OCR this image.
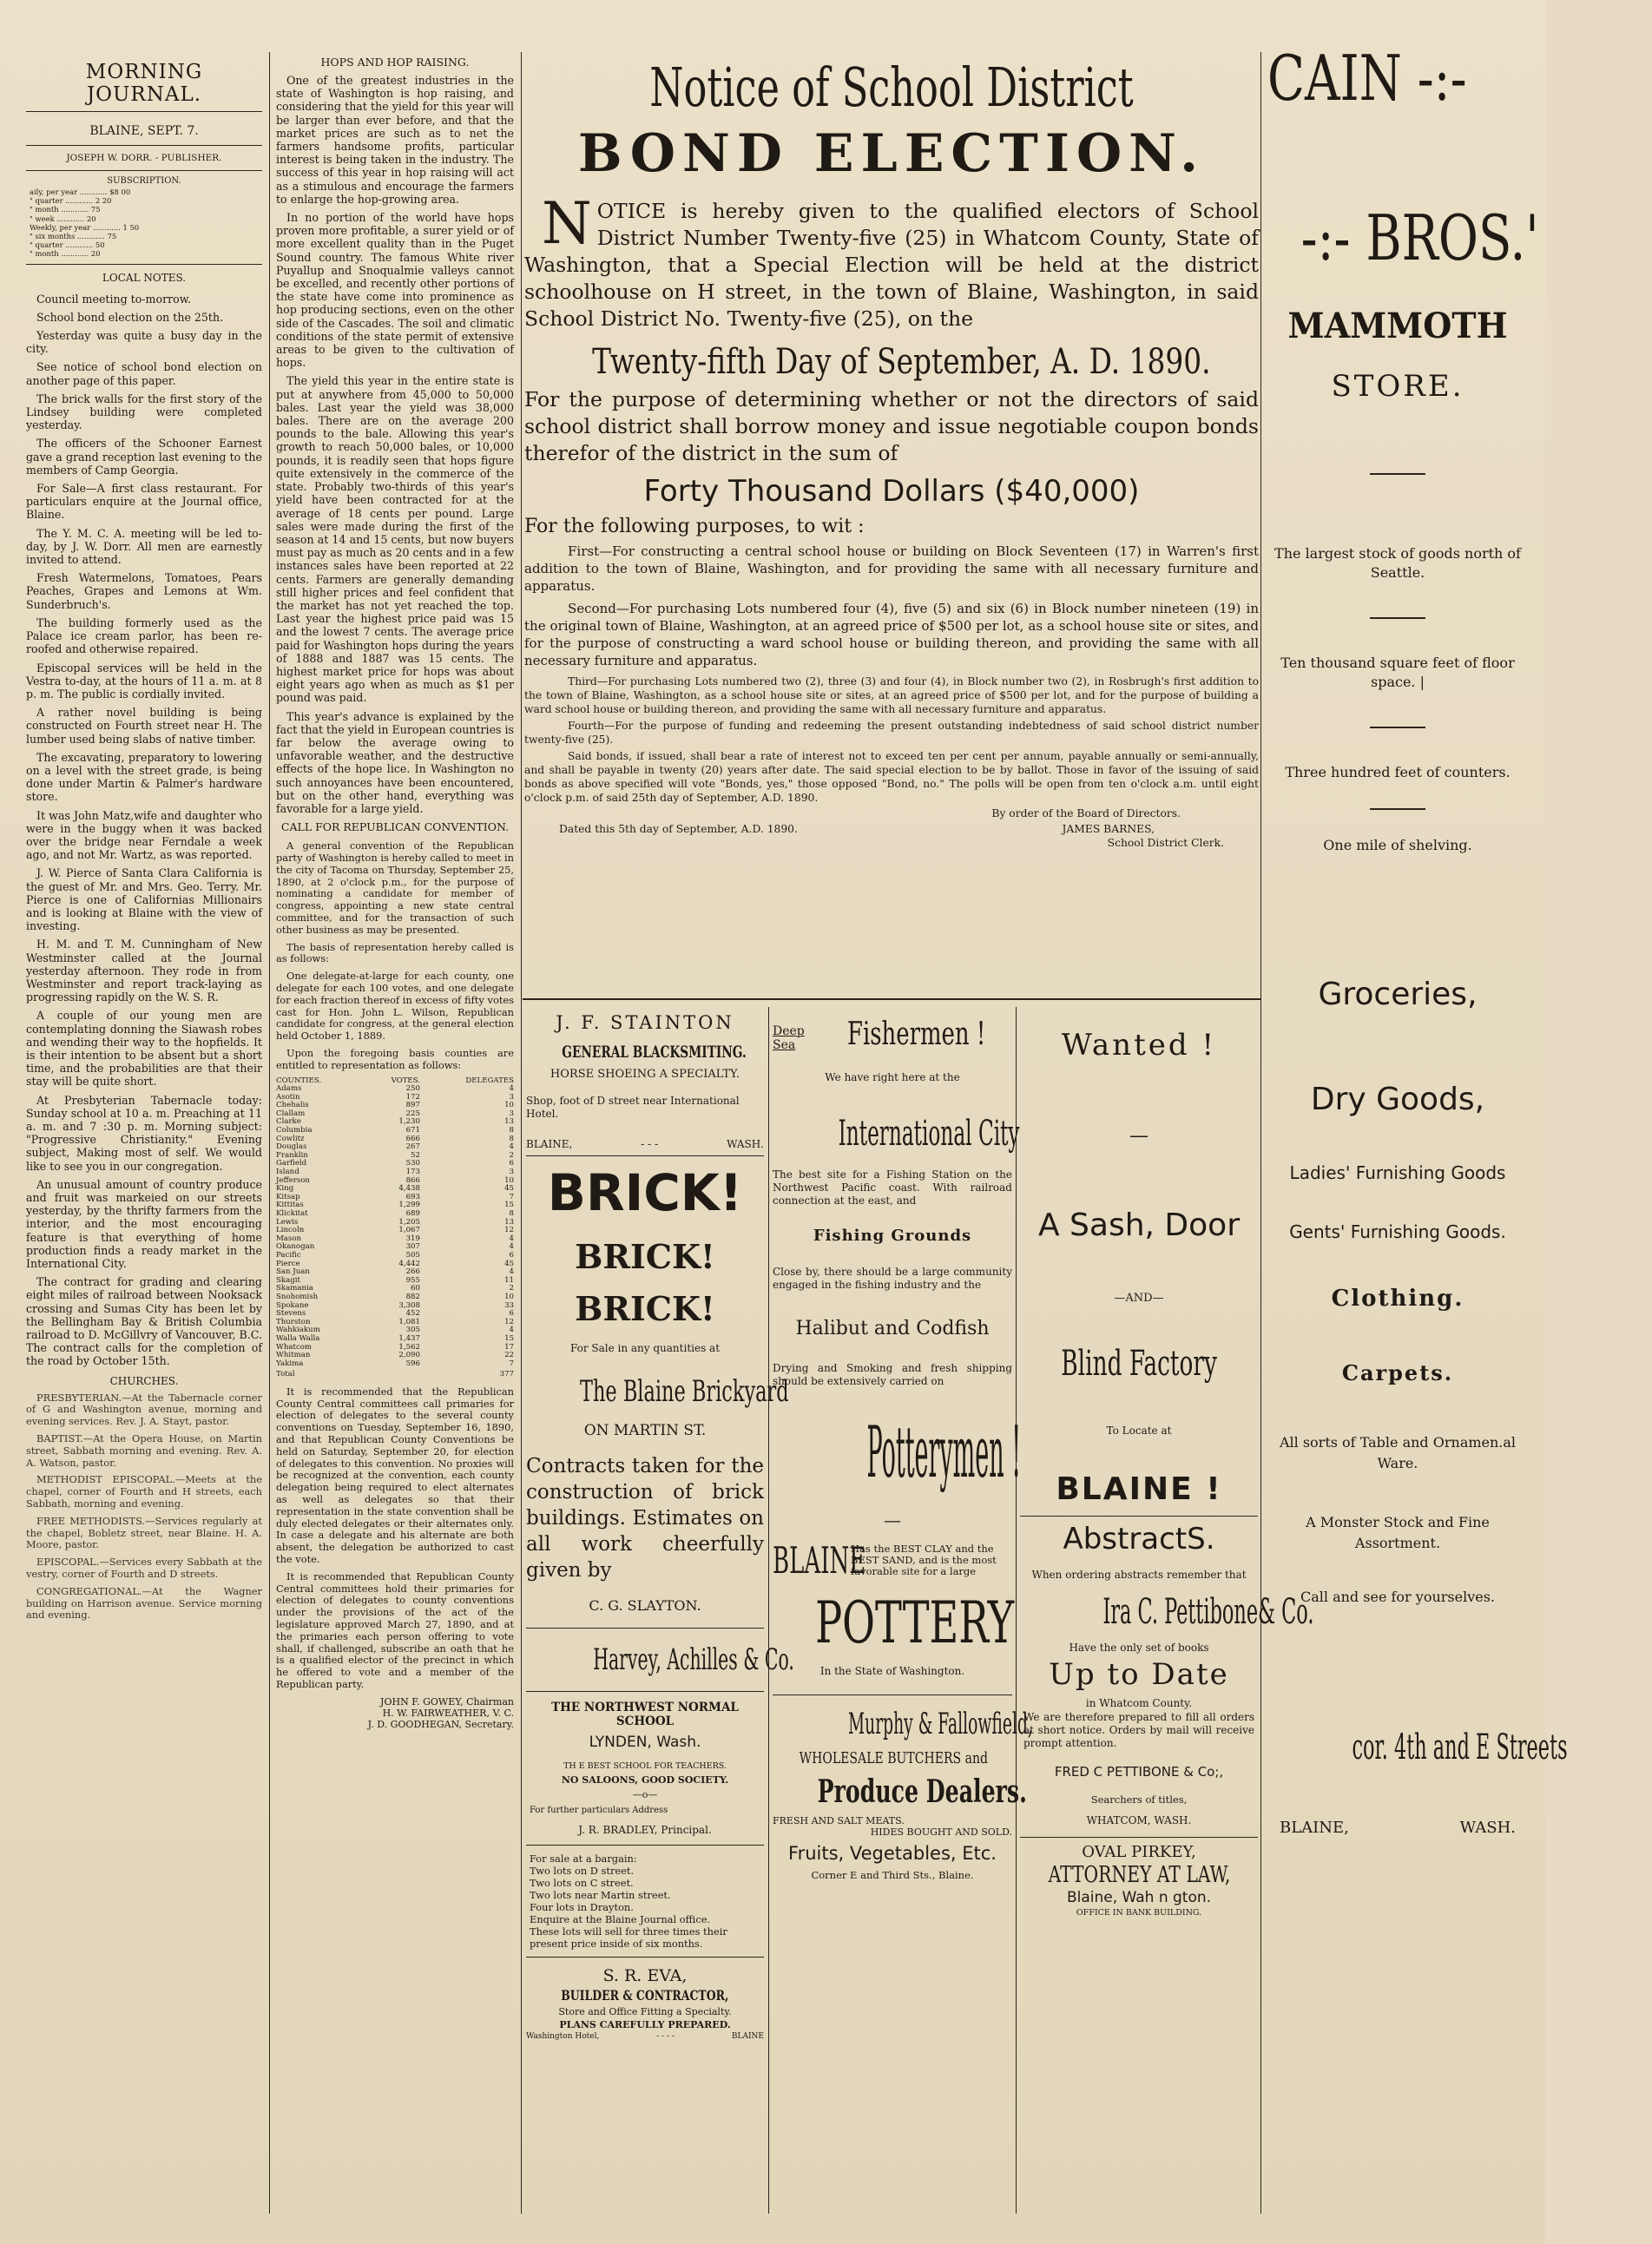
MORNING JOURNAL.
BLAINE, SEPT. 7.
JOSEPH W. DORR. - PUBLISHER.
SUBSCRIPTION.
aily, per year ............ $8 00
" quarter ............ 2 20
" month ............ 75
" week ............ 20
Weekly, per year ............ 1 50
" six months ............ 75
" quarter ............ 50
" month ............ 20
LOCAL NOTES.

Council meeting to-morrow.

School bond election on the 25th.

Yesterday was quite a busy day in the city.

See notice of school bond election on another page of this paper.

The brick walls for the first story of the Lindsey building were completed yesterday.

The officers of the Schooner Earnest gave a grand reception last evening to the members of Camp Georgia.

For Sale—A first class restaurant. For particulars enquire at the Journal office, Blaine.

The Y. M. C. A. meeting will be led to-day, by J. W. Dorr. All men are earnestly invited to attend.

Fresh Watermelons, Tomatoes, Pears Peaches, Grapes and Lemons at Wm. Sunderbruch's.

The building formerly used as the Palace ice cream parlor, has been re-roofed and otherwise repaired.

Episcopal services will be held in the Vestra to-day, at the hours of 11 a. m. at 8 p. m. The public is cordially invited.

A rather novel building is being constructed on Fourth street near H. The lumber used being slabs of native timber.

The excavating, preparatory to lowering on a level with the street grade, is being done under Martin & Palmer's hardware store.

It was John Matz,wife and daughter who were in the buggy when it was backed over the bridge near Ferndale a week ago, and not Mr. Wartz, as was reported.

J. W. Pierce of Santa Clara California is the guest of Mr. and Mrs. Geo. Terry. Mr. Pierce is one of Californias Millionairs and is looking at Blaine with the view of investing.

H. M. and T. M. Cunningham of New Westminster called at the Journal yesterday afternoon. They rode in from Westminster and report track-laying as progressing rapidly on the W. S. R.

A couple of our young men are contemplating donning the Siawash robes and wending their way to the hopfields. It is their intention to be absent but a short time, and the probabilities are that their stay will be quite short.

At Presbyterian Tabernacle today: Sunday school at 10 a. m. Preaching at 11 a. m. and 7 :30 p. m. Morning subject: "Progressive Christianity." Evening subject, Making most of self. We would like to see you in our congregation.

An unusual amount of country produce and fruit was markeied on our streets yesterday, by the thrifty farmers from the interior, and the most encouraging feature is that everything of home production finds a ready market in the International City.

The contract for grading and clearing eight miles of railroad between Nooksack crossing and Sumas City has been let by the Bellingham Bay & British Columbia railroad to D. McGillvry of Vancouver, B.C. The contract calls for the completion of the road by October 15th.

CHURCHES.

PRESBYTERIAN.—At the Tabernacle corner of G and Washington avenue, morning and evening services. Rev. J. A. Stayt, pastor.

BAPTIST.—At the Opera House, on Martin street, Sabbath morning and evening. Rev. A. A. Watson, pastor.

METHODIST EPISCOPAL.—Meets at the chapel, corner of Fourth and H streets, each Sabbath, morning and evening.

FREE METHODISTS.—Services regularly at the chapel, Bobletz street, near Blaine. H. A. Moore, pastor.

EPISCOPAL.—Services every Sabbath at the vestry, corner of Fourth and D streets.

CONGREGATIONAL.—At the Wagner building on Harrison avenue. Service morning and evening.

HOPS AND HOP RAISING.

One of the greatest industries in the state of Washington is hop raising, and considering that the yield for this year will be larger than ever before, and that the market prices are such as to net the farmers handsome profits, particular interest is being taken in the industry. The success of this year in hop raising will act as a stimulous and encourage the farmers to enlarge the hop-growing area.

In no portion of the world have hops proven more profitable, a surer yield or of more excellent quality than in the Puget Sound country. The famous White river Puyallup and Snoqualmie valleys cannot be excelled, and recently other portions of the state have come into prominence as hop producing sections, even on the other side of the Cascades. The soil and climatic conditions of the state permit of extensive areas to be given to the cultivation of hops.

The yield this year in the entire state is put at anywhere from 45,000 to 50,000 bales. Last year the yield was 38,000 bales. There are on the average 200 pounds to the bale. Allowing this year's growth to reach 50,000 bales, or 10,000 pounds, it is readily seen that hops figure quite extensively in the commerce of the state. Probably two-thirds of this year's yield have been contracted for at the average of 18 cents per pound. Large sales were made during the first of the season at 14 and 15 cents, but now buyers must pay as much as 20 cents and in a few instances sales have been reported at 22 cents. Farmers are generally demanding still higher prices and feel confident that the market has not yet reached the top. Last year the highest price paid was 15 and the lowest 7 cents. The average price paid for Washington hops during the years of 1888 and 1887 was 15 cents. The highest market price for hops was about eight years ago when as much as $1 per pound was paid.

This year's advance is explained by the fact that the yield in European countries is far below the average owing to unfavorable weather, and the destructive effects of the hope lice. In Washington no such annoyances have been encountered, but on the other hand, everything was favorable for a large yield.

CALL FOR REPUBLICAN CONVENTION.

A general convention of the Republican party of Washington is hereby called to meet in the city of Tacoma on Thursday, September 25, 1890, at 2 o'clock p.m., for the purpose of nominating a candidate for member of congress, appointing a new state central committee, and for the transaction of such other business as may be presented.

The basis of representation hereby called is as follows:

One delegate-at-large for each county, one delegate for each 100 votes, and one delegate for each fraction thereof in excess of fifty votes cast for Hon. John L. Wilson, Republican candidate for congress, at the general election held October 1, 1889.

Upon the foregoing basis counties are entitled to representation as follows:

COUNTIES.	VOTES.	DELEGATES
Adams	250	4
Asotin	172	3
Chehalis	897	10
Clallam	225	3
Clarke	1,230	13
Columbia	671	8
Cowlitz	666	8
Douglas	267	4
Franklin	52	2
Garfield	530	6
Island	173	3
Jefferson	866	10
King	4,438	45
Kitsap	693	7
Kittitas	1,299	15
Klickitat	689	8
Lewis	1,205	13
Lincoln	1,067	12
Mason	319	4
Okanogan	307	4
Pacific	505	6
Pierce	4,442	45
San Juan	266	4
Skagit	955	11
Skamania	60	2
Snohomish	882	10
Spokane	3,308	33
Stevens	452	6
Thurston	1,081	12
Wahkiakum	305	4
Walla Walla	1,437	15
Whatcom	1,562	17
Whitman	2,090	22
Yakima	596	7
Total		377

It is recommended that the Republican County Central committees call primaries for election of delegates to the several county conventions on Tuesday, September 16, 1890, and that Republican County Conventions be held on Saturday, September 20, for election of delegates to this convention. No proxies will be recognized at the convention, each county delegation being required to elect alternates as well as delegates so that their representation in the state convention shall be duly elected delegates or their alternates only. In case a delegate and his alternate are both absent, the delegation be authorized to cast the vote.

It is recommended that Republican County Central committees hold their primaries for election of delegates to county conventions under the provisions of the act of the legislature approved March 27, 1890, and at the primaries each person offering to vote shall, if challenged, subscribe an oath that he is a qualified elector of the precinct in which he offered to vote and a member of the Republican party.

JOHN F. GOWEY, Chairman
H. W. FAIRWEATHER, V. C.
J. D. GOODHEGAN, Secretary.
Notice of School District
BOND ELECTION.
N OTICE is hereby given to the qualified electors of School District Number Twenty-five (25) in Whatcom County, State of Washington, that a Special Election will be held at the district schoolhouse on H street, in the town of Blaine, Washington, in said School District No. Twenty-five (25), on the
Twenty-fifth Day of September, A. D. 1890.
For the purpose of determining whether or not the directors of said school district shall borrow money and issue negotiable coupon bonds therefor of the district in the sum of
Forty Thousand Dollars ($40,000)
For the following purposes, to wit :

First—For constructing a central school house or building on Block Seventeen (17) in Warren's first addition to the town of Blaine, Washington, and for providing the same with all necessary furniture and apparatus.

Second—For purchasing Lots numbered four (4), five (5) and six (6) in Block number nineteen (19) in the original town of Blaine, Washington, at an agreed price of $500 per lot, as a school house site or sites, and for the purpose of constructing a ward school house or building thereon, and providing the same with all necessary furniture and apparatus.

Third—For purchasing Lots numbered two (2), three (3) and four (4), in Block number two (2), in Rosbrugh's first addition to the town of Blaine, Washington, as a school house site or sites, at an agreed price of $500 per lot, and for the purpose of building a ward school house or building thereon, and providing the same with all necessary furniture and apparatus.

Fourth—For the purpose of funding and redeeming the present outstanding indebtedness of said school district number twenty-five (25).

Said bonds, if issued, shall bear a rate of interest not to exceed ten per cent per annum, payable annually or semi-annually, and shall be payable in twenty (20) years after date. The said special election to be by ballot. Those in favor of the issuing of said bonds as above specified will vote "Bonds, yes," those opposed "Bond, no." The polls will be open from ten o'clock a.m. until eight o'clock p.m. of said 25th day of September, A.D. 1890.

By order of the Board of Directors.
Dated this 5th day of September, A.D. 1890.	JAMES BARNES,
School District Clerk.
J. F. STAINTON
GENERAL BLACKSMITING.
HORSE SHOEING A SPECIALTY.
Shop, foot of D street near International Hotel.
BLAINE,	- - -	WASH.
BRICK!
BRICK! BRICK!
For Sale in any quantities at
The Blaine Brickyard
ON MARTIN ST.
Contracts taken for the construction of brick buildings. Estimates on all work cheerfully given by
C. G. SLAYTON.
Harvey, Achilles & Co.
THE NORTHWEST NORMAL SCHOOL
LYNDEN, Wash.
TH E BEST SCHOOL FOR TEACHERS.
NO SALOONS, GOOD SOCIETY.
—o—
For further particulars Address
J. R. BRADLEY, Principal.
For sale at a bargain:
Two lots on D street.
Two lots on C street.
Two lots near Martin street.
Four lots in Drayton.
Enquire at the Blaine Journal office.
These lots will sell for three times their present price inside of six months.
S. R. EVA,
BUILDER & CONTRACTOR,
Store and Office Fitting a Specialty.
PLANS CAREFULLY PREPARED.
Washington Hotel,	- - - -	BLAINE
Deep Sea	Fishermen !
We have right here at the
International City
The best site for a Fishing Station on the Northwest Pacific coast. With railroad connection at the east, and
Fishing Grounds
Close by, there should be a large community engaged in the fishing industry and the
Halibut and Codfish
Drying and Smoking and fresh shipping should be extensively carried on
Potterymen !
—
BLAINE
Has the BEST CLAY and the BEST SAND, and is the most favorable site for a large
POTTERY
In the State of Washington.
Murphy & Fallowfield,
WHOLESALE BUTCHERS and
Produce Dealers.
FRESH AND SALT MEATS.
HIDES BOUGHT AND SOLD.
Fruits, Vegetables, Etc.
Corner E and Third Sts., Blaine.
Wanted !
—
A Sash, Door
—AND—
Blind Factory
To Locate at
BLAINE !
AbstractS.
When ordering abstracts remember that
Ira C. Pettibone& Co.
Have the only set of books
Up to Date
in Whatcom County.
We are therefore prepared to fill all orders at short notice. Orders by mail will receive prompt attention.
FRED C PETTIBONE & Co;,
Searchers of titles,
WHATCOM, WASH.
OVAL PIRKEY,
ATTORNEY AT LAW,
Blaine, Wah n gton.
OFFICE IN BANK BUILDING.
CAIN -:-
-:- BROS.'
MAMMOTH
STORE.
The largest stock of goods north of Seattle.
Ten thousand square feet of floor space. |
Three hundred feet of counters.
One mile of shelving.
Groceries,
Dry Goods,
Ladies' Furnishing Goods
Gents' Furnishing Goods.
Clothing.
Carpets.
All sorts of Table and Ornamen.al Ware.
A Monster Stock and Fine Assortment.
Call and see for yourselves.
cor. 4th and E Streets
BLAINE,	WASH.
